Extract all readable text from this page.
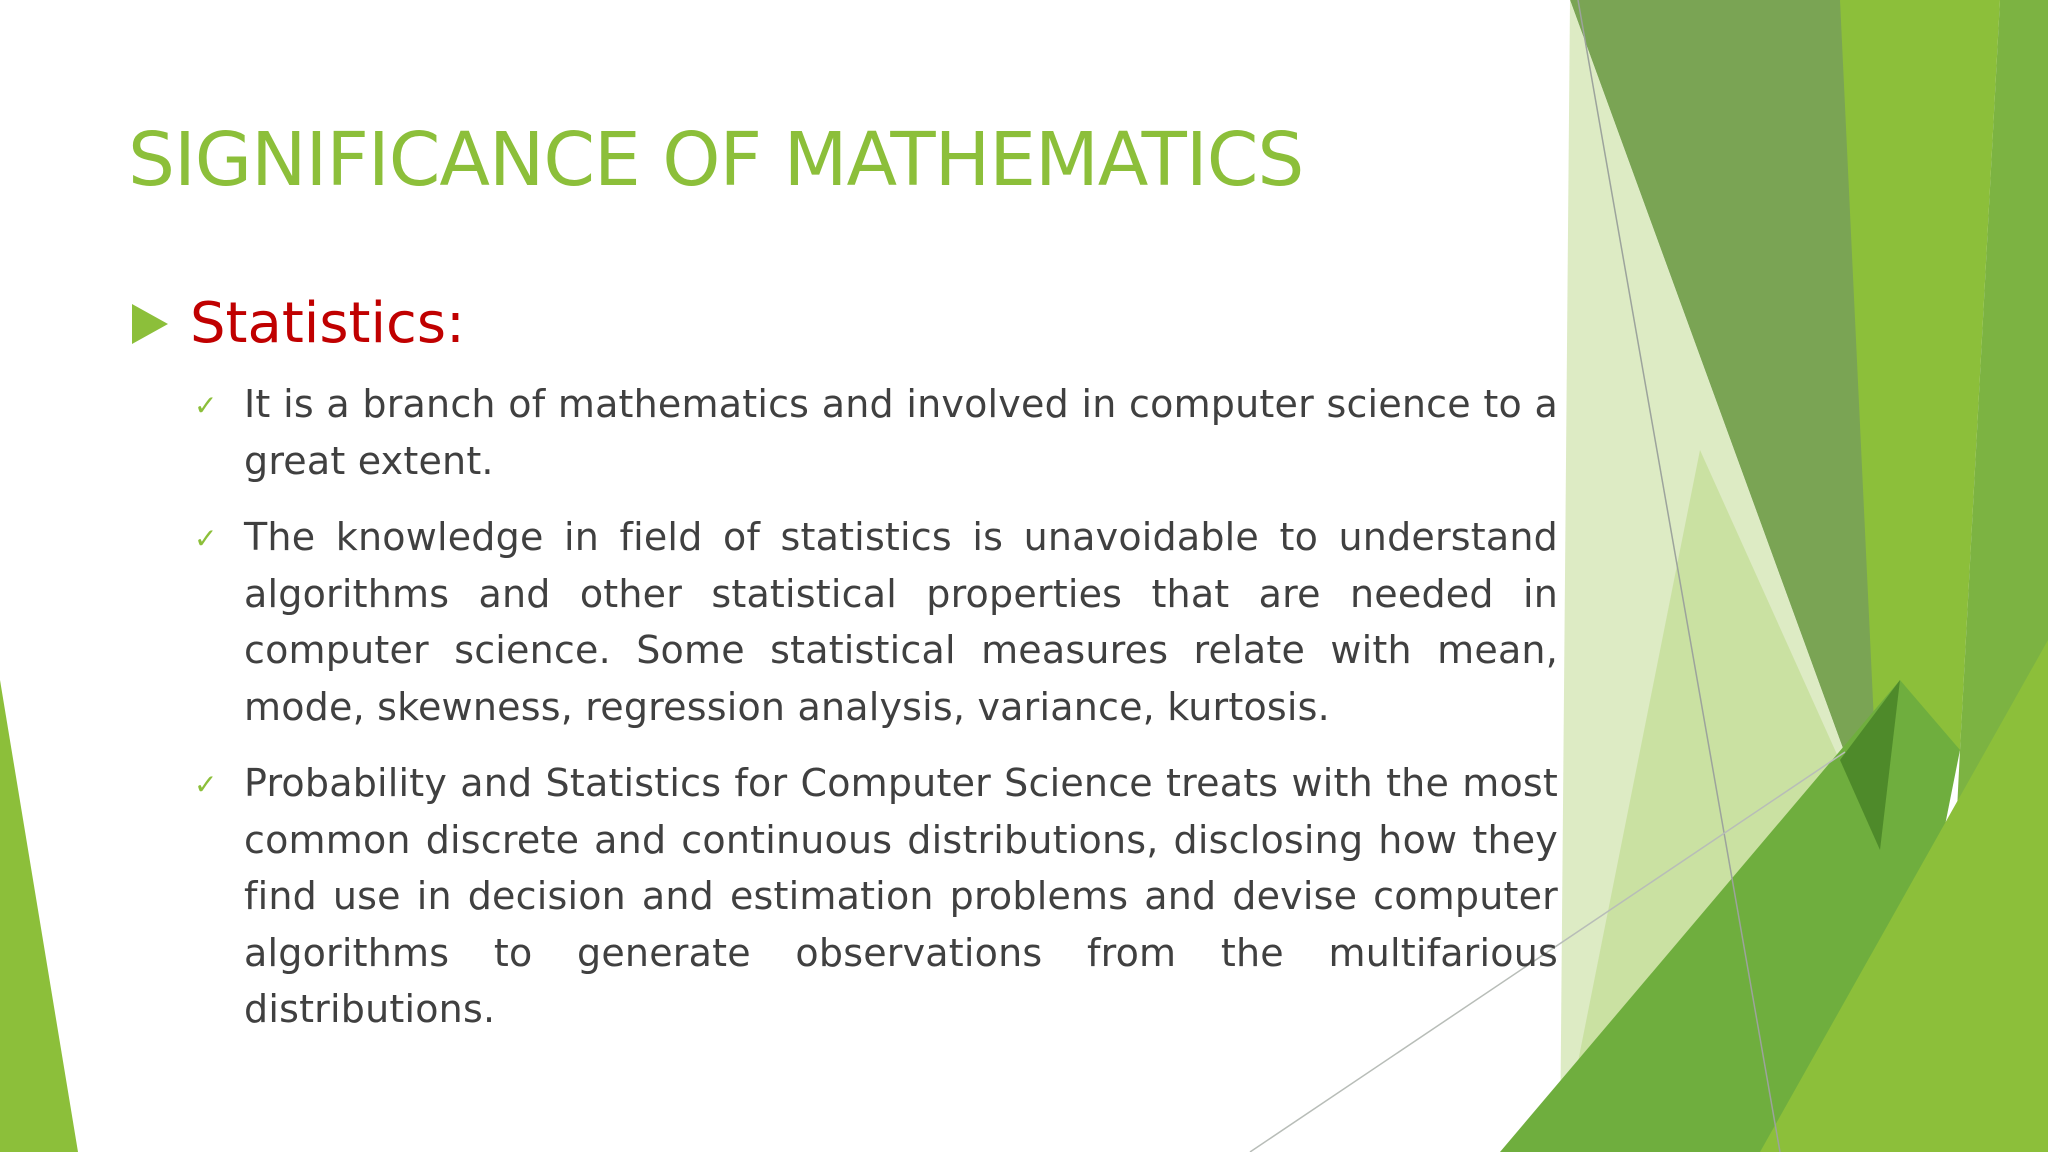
SIGNIFICANCE OF MATHEMATICS
Statistics:
✓ It is a branch of mathematics and involved in computer science to a great extent.

✓ The knowledge in field of statistics is unavoidable to understand algorithms and other statistical properties that are needed in computer science. Some statistical measures relate with mean, mode, skewness, regression analysis, variance, kurtosis.

✓ Probability and Statistics for Computer Science treats with the most common discrete and continuous distributions, disclosing how they find use in decision and estimation problems and devise computer algorithms to generate observations from the multifarious distributions.
